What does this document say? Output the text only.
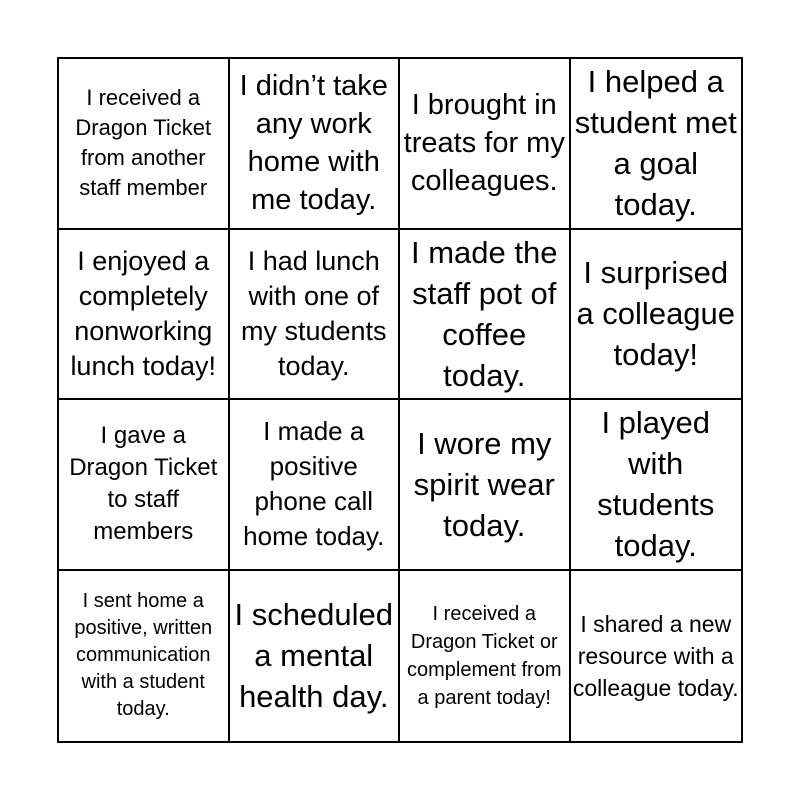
I received a Dragon Ticket from another staff member
I didn’t take any work home with me today.
I brought in treats for my colleagues.
I helped a student met a goal today.
I enjoyed a completely nonworking lunch today!
I had lunch with one of my students today.
I made the staff pot of coffee today.
I surprised a colleague today!
I gave a Dragon Ticket to staff members
I made a positive phone call home today.
I wore my spirit wear today.
I played with students today.
I sent home a positive, written communication with a student today.
I scheduled a mental health day.
I received a Dragon Ticket or complement from a parent today!
I shared a new resource with a colleague today.
